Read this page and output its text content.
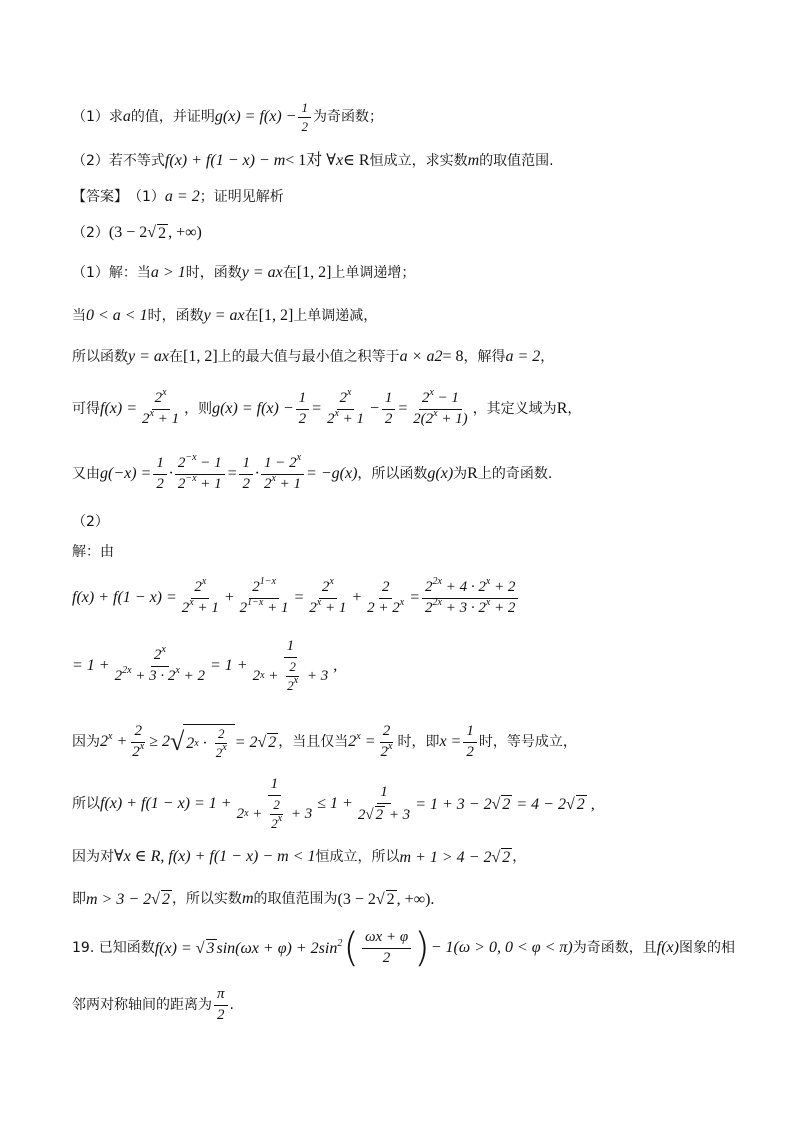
（1）求 a 的值，并证明 $g(x) = f(x) - \frac{1}{2}$ 为奇函数；
（2）若不等式 f(x) + f(1 − x) − m < 1对 ∀ x ∈ R 恒成立，求实数 m 的取值范围.
【答案】 （1） a = 2 ；证明见解析
（2） (3 − 2 √ 2 , +∞)
（1）解：当 a > 1 时，函数 y = a x 在 [1, 2] 上单调递增；
当 0 < a < 1 时，函数 y = a x 在 [1, 2] 上单调递减，
所以函数 y = a x 在 [1, 2] 上的最大值与最小值之积等于 a × a 2 = 8 ，解得 a = 2 ，
可得 $f(x) = \frac{2^x}{2^x + 1}$ ，则 $g(x) = f(x) - \frac{1}{2} = \frac{2^x}{2^x + 1} - \frac{1}{2} = \frac{2^x - 1}{2(2^x + 1)}$ ，其定义域为 R ，
又由 $g(-x) = \frac{1}{2} \cdot \frac{2^{-x} - 1}{2^{-x} + 1} = \frac{1}{2} \cdot \frac{1 - 2^x}{2^x + 1} = -g(x)$ ，所以函数 g(x) 为 R 上的奇函数.
（2）
解：由
$f(x) + f(1 - x) = \frac{2^x}{2^x + 1} + \frac{2^{1-x}}{2^{1-x} + 1} = \frac{2^x}{2^x + 1} + \frac{2}{2 + 2^x} = \frac{2^{2x} + 4 \cdot 2^x + 2}{2^{2x} + 3 \cdot 2^x + 2}$
= $1 + \frac{2^x}{2^{2x} + 3 \cdot 2^x + 2} = 1 + \frac{1}{2 x + \frac{2}{2^x} + 3}$ ,
因为 $2^x + \frac{2}{2^x} \ge 2$ √ 2 $x \cdot \frac{2}{2^x} = 2√$ 2 ，当且仅当 $2^x = \frac{2}{2^x}$ 时，即 $x = \frac{1}{2}$ 时，等号成立，
所以 $f(x) + f(1 - x) = 1 + \frac{1}{2 x + \frac{2}{2^x} + 3} \le 1 + \frac{1}{2√ 2 + 3} = 1 + 3 - 2√$ 2 = 4 − 2√ 2 ,
因为对 ∀x ∈ R, f(x) + f(1 − x) − m < 1 恒成立，所以 m + 1 > 4 − 2√ 2 ，
即 m > 3 − 2√ 2 ，所以实数 m 的取值范围为 (3 − 2√ 2 , +∞).
19. 已知函数 f(x) = √ 3 $\sin(\omega x + \varphi) + 2\sin^2$ ( $\frac{\omega x + \varphi}{2}$ ) − 1(ω > 0, 0 < φ < π) 为奇函数，且 f(x) 图象的相
邻两对称轴间的距离为 $\frac{\pi}{2}$ .
